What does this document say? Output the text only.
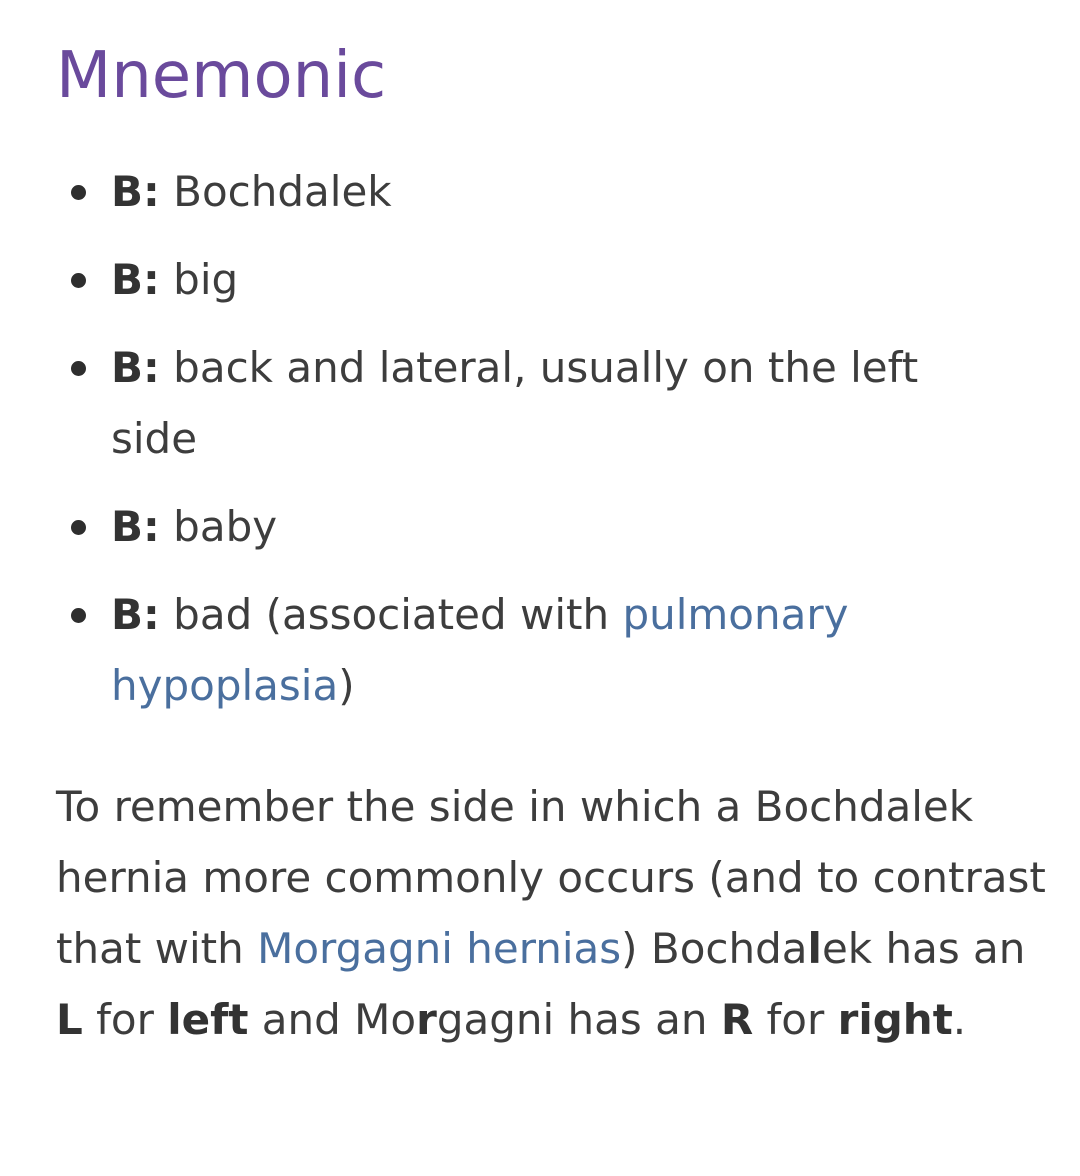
Mnemonic
B: Bochdalek
B: big
B: back and lateral, usually on the left side
B: baby
B: bad (associated with pulmonary hypoplasia)

To remember the side in which a Bochdalek hernia more commonly occurs (and to contrast that with Morgagni hernias) Bochdalek has an L for left and Morgagni has an R for right.
